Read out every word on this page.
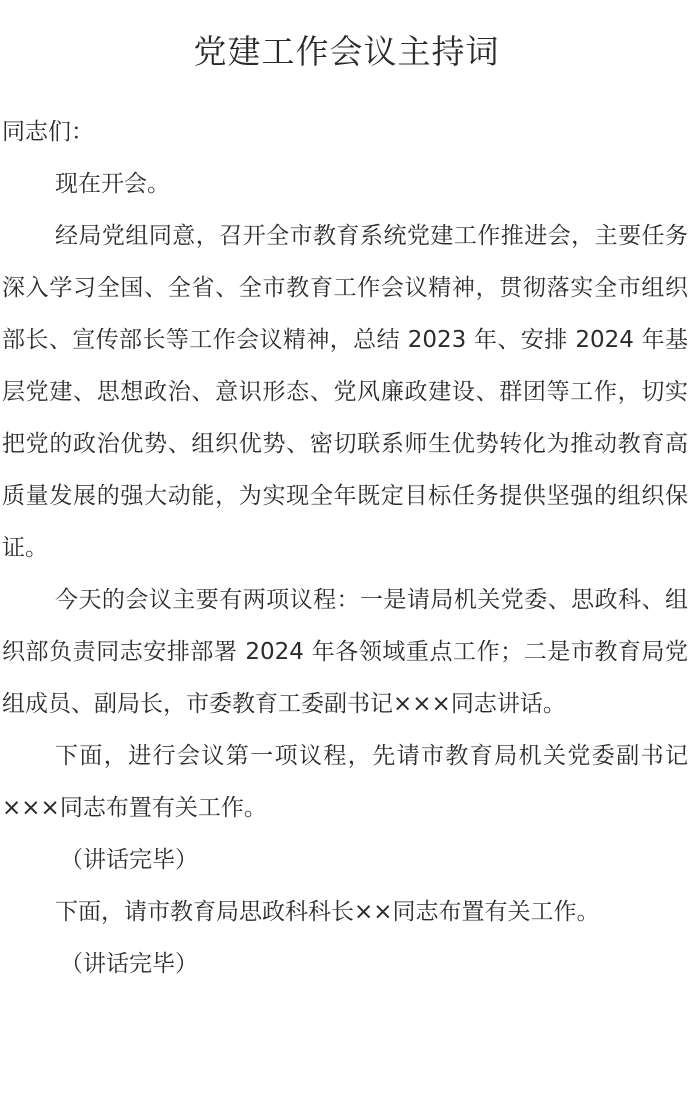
党建工作会议主持词

同志们：

现在开会。

经局党组同意，召开全市教育系统党建工作推进会，主要任务深入学习全国、全省、全市教育工作会议精神，贯彻落实全市组织部长、宣传部长等工作会议精神，总结 2023 年、安排 2024 年基层党建、思想政治、意识形态、党风廉政建设、群团等工作，切实把党的政治优势、组织优势、密切联系师生优势转化为推动教育高质量发展的强大动能，为实现全年既定目标任务提供坚强的组织保证。

今天的会议主要有两项议程：一是请局机关党委、思政科、组织部负责同志安排部署 2024 年各领域重点工作；二是市教育局党组成员、副局长，市委教育工委副书记×××同志讲话。

下面，进行会议第一项议程，先请市教育局机关党委副书记×××同志布置有关工作。

（讲话完毕）

下面，请市教育局思政科科长××同志布置有关工作。

（讲话完毕）
